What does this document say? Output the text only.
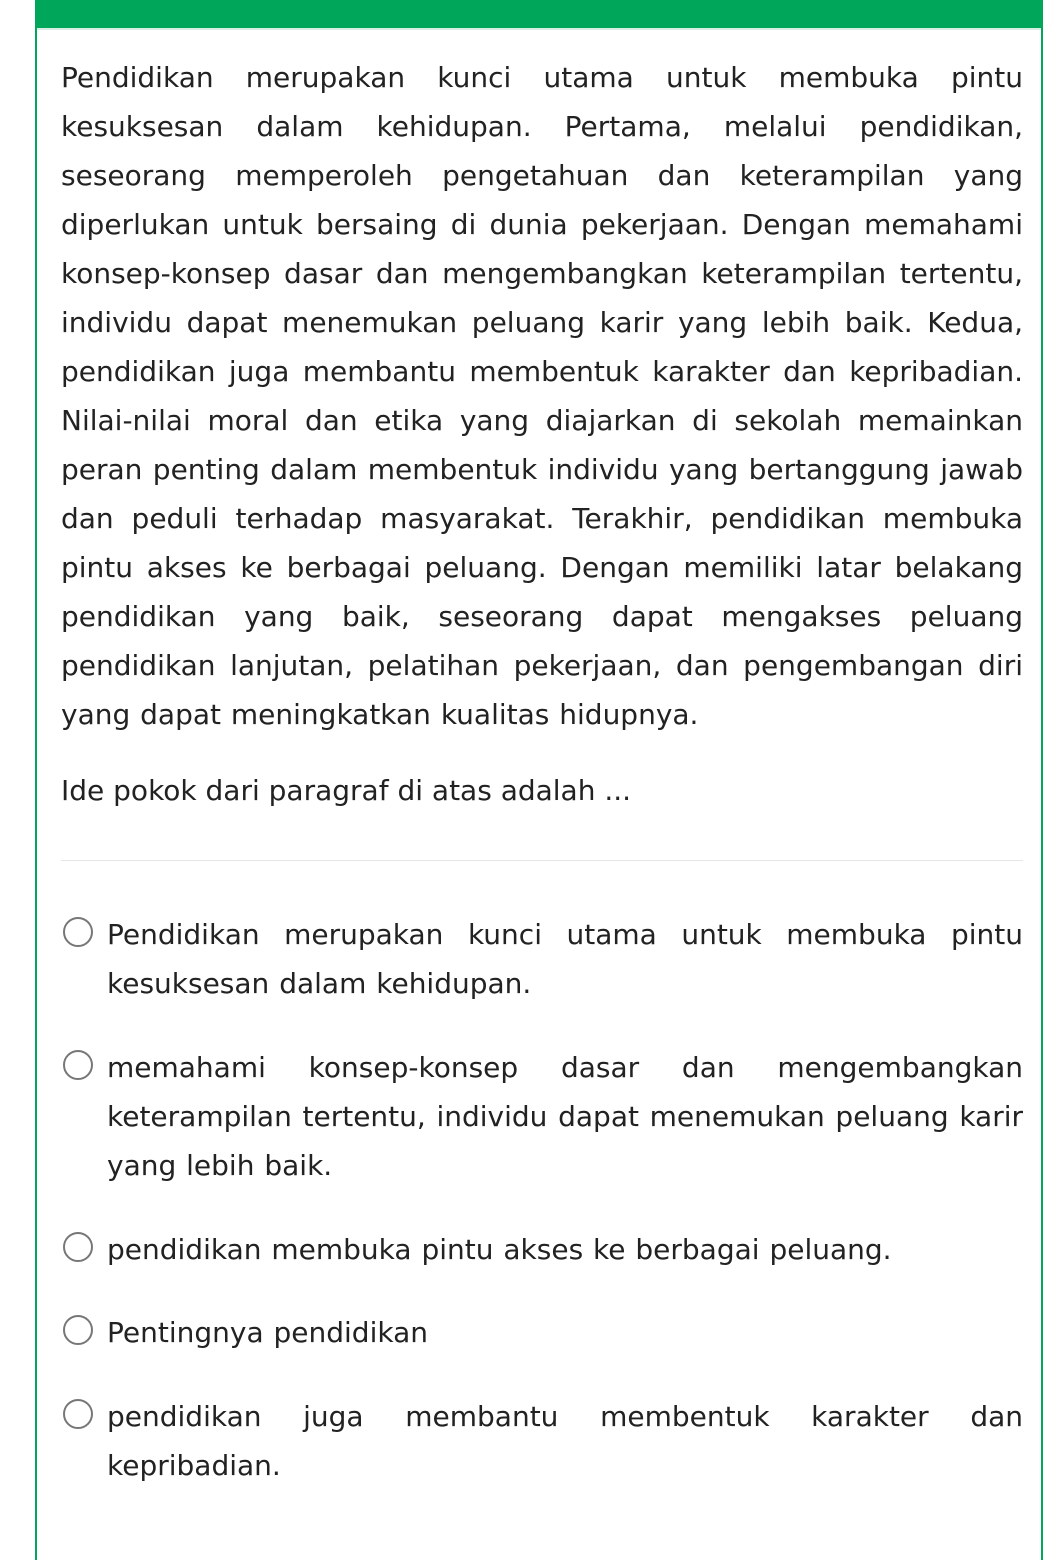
Pendidikan merupakan kunci utama untuk membuka pintu kesuksesan dalam kehidupan. Pertama, melalui pendidikan, seseorang memperoleh pengetahuan dan keterampilan yang diperlukan untuk bersaing di dunia pekerjaan. Dengan memahami konsep-konsep dasar dan mengembangkan keterampilan tertentu, individu dapat menemukan peluang karir yang lebih baik. Kedua, pendidikan juga membantu membentuk karakter dan kepribadian. Nilai-nilai moral dan etika yang diajarkan di sekolah memainkan peran penting dalam membentuk individu yang bertanggung jawab dan peduli terhadap masyarakat. Terakhir, pendidikan membuka pintu akses ke berbagai peluang. Dengan memiliki latar belakang pendidikan yang baik, seseorang dapat mengakses peluang pendidikan lanjutan, pelatihan pekerjaan, dan pengembangan diri yang dapat meningkatkan kualitas hidupnya.

Ide pokok dari paragraf di atas adalah ...

Pendidikan merupakan kunci utama untuk membuka pintu kesuksesan dalam kehidupan.

memahami konsep-konsep dasar dan mengembangkan keterampilan tertentu, individu dapat menemukan peluang karir yang lebih baik.

pendidikan membuka pintu akses ke berbagai peluang.

Pentingnya pendidikan

pendidikan juga membantu membentuk karakter dan kepribadian.
